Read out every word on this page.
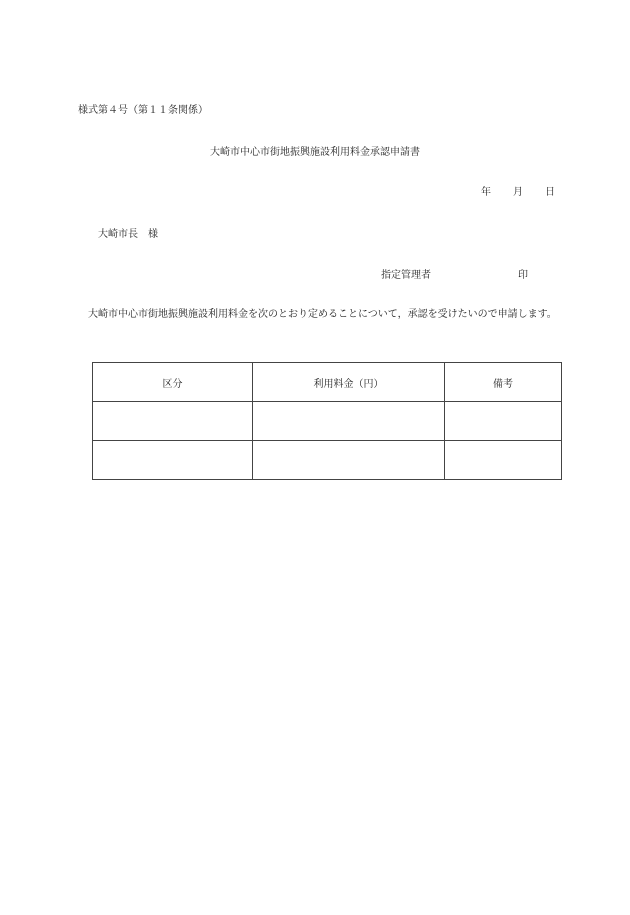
様式第４号（第１１条関係）
大崎市中心市街地振興施設利用料金承認申請書
年 月 日
大崎市長　様
指定管理者	印
大崎市中心市街地振興施設利用料金を次のとおり定めることについて，承認を受けたいので申請します。
区分	利用料金（円）	備考
